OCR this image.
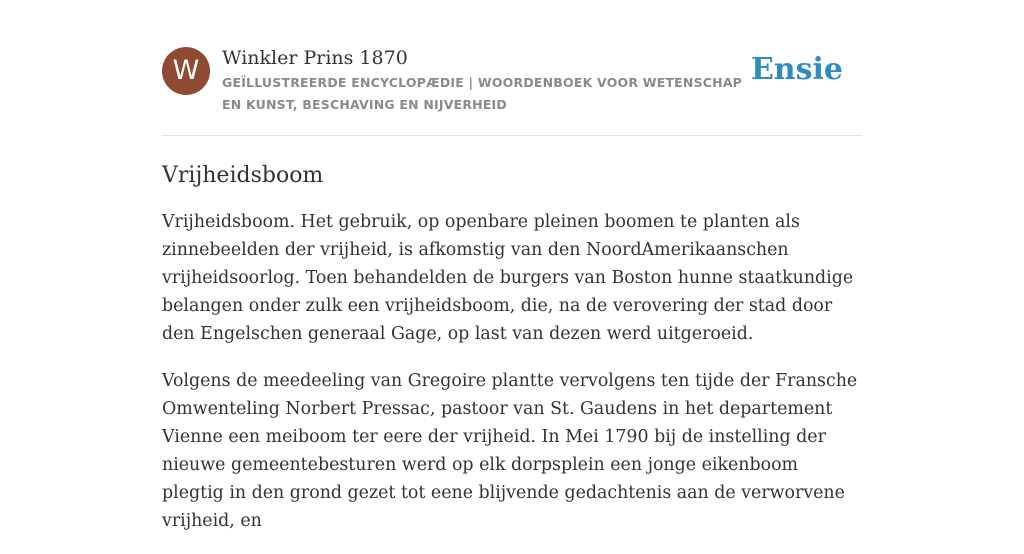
W	Winkler Prins 1870
GEÏLLUSTREERDE ENCYCLOPÆDIE | WOORDENBOEK VOOR WETENSCHAP EN KUNST, BESCHAVING EN NIJVERHEID
Ensie
Vrijheidsboom

Vrijheidsboom. Het gebruik, op openbare pleinen boomen te planten als zinnebeelden der vrijheid, is afkomstig van den NoordAmerikaanschen vrijheidsoorlog. Toen behandelden de burgers van Boston hunne staatkundige belangen onder zulk een vrijheidsboom, die, na de verovering der stad door den Engelschen generaal Gage, op last van dezen werd uitgeroeid.

Volgens de meedeeling van Gregoire plantte vervolgens ten tijde der Fransche Omwenteling Norbert Pressac, pastoor van St. Gaudens in het departement Vienne een meiboom ter eere der vrijheid. In Mei 1790 bij de instelling der nieuwe gemeentebesturen werd op elk dorpsplein een jonge eikenboom plegtig in den grond gezet tot eene blijvende gedachtenis aan de verworvene vrijheid, en
